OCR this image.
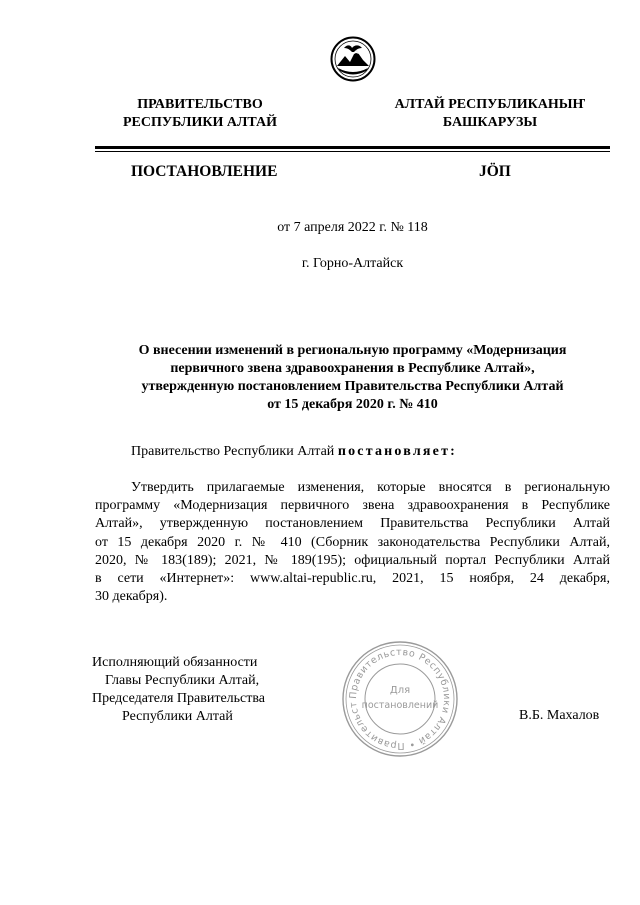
ПРАВИТЕЛЬСТВО
РЕСПУБЛИКИ АЛТАЙ
АЛТАЙ РЕСПУБЛИКАНЫҤ
БАШКАРУЗЫ
ПОСТАНОВЛЕНИЕ	JÖП
от 7 апреля 2022 г. № 118
г. Горно-Алтайск
О внесении изменений в региональную программу «Модернизация
первичного звена здравоохранения в Республике Алтай»,
утвержденную постановлением Правительства Республики Алтай
от 15 декабря 2020 г. № 410
Правительство Республики Алтай постановляет:
Утвердить прилагаемые изменения, которые вносятся в региональную
программу «Модернизация первичного звена здравоохранения в Республике
Алтай», утвержденную постановлением Правительства Республики Алтай
от 15 декабря 2020 г. № 410 (Сборник законодательства Республики Алтай,
2020, № 183(189); 2021, № 189(195); официальный портал Республики Алтай
в сети «Интернет»: www.altai-republic.ru, 2021, 15 ноября, 24 декабря,
30 декабря).
Исполняющий обязанности
Главы Республики Алтай,
Председателя Правительства
Республики Алтай	В.Б. Махалов
Правительство Республики Алтай • Правительст
Для
постановлений
